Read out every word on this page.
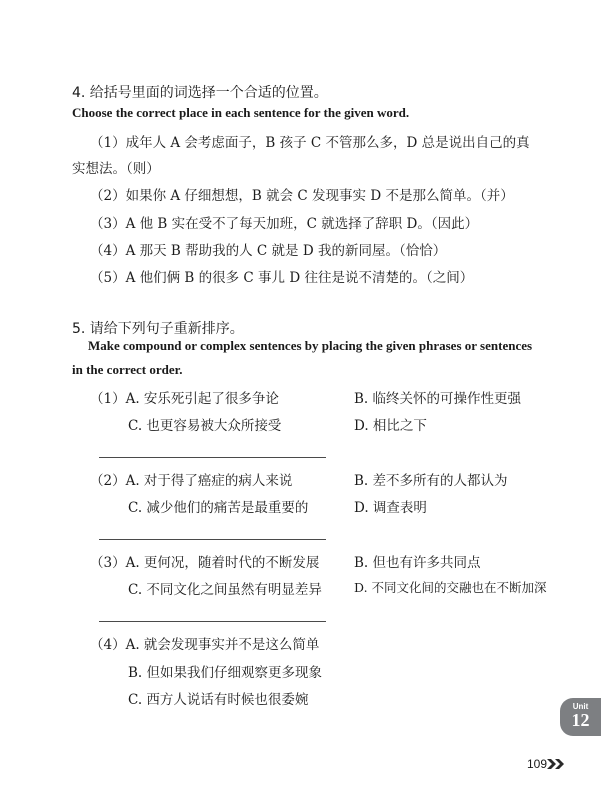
4. 给括号里面的词选择一个合适的位置。
Choose the correct place in each sentence for the given word.
（1）成年人 A 会考虑面子，B 孩子 C 不管那么多，D 总是说出自己的真
实想法。（则）
（2）如果你 A 仔细想想，B 就会 C 发现事实 D 不是那么简单。（并）
（3）A 他 B 实在受不了每天加班，C 就选择了辞职 D。（因此）
（4）A 那天 B 帮助我的人 C 就是 D 我的新同屋。（恰恰）
（5）A 他们俩 B 的很多 C 事儿 D 往往是说不清楚的。（之间）
5. 请给下列句子重新排序。
Make compound or complex sentences by placing the given phrases or sentences
in the correct order.
（1）A. 安乐死引起了很多争论	B. 临终关怀的可操作性更强
C. 也更容易被大众所接受	D. 相比之下
（2）A. 对于得了癌症的病人来说	B. 差不多所有的人都认为
C. 减少他们的痛苦是最重要的	D. 调查表明
（3）A. 更何况，随着时代的不断发展	B. 但也有许多共同点
C. 不同文化之间虽然有明显差异	D. 不同文化间的交融也在不断加深
（4）A. 就会发现事实并不是这么简单
B. 但如果我们仔细观察更多现象
C. 西方人说话有时候也很委婉	Unit
12
109
